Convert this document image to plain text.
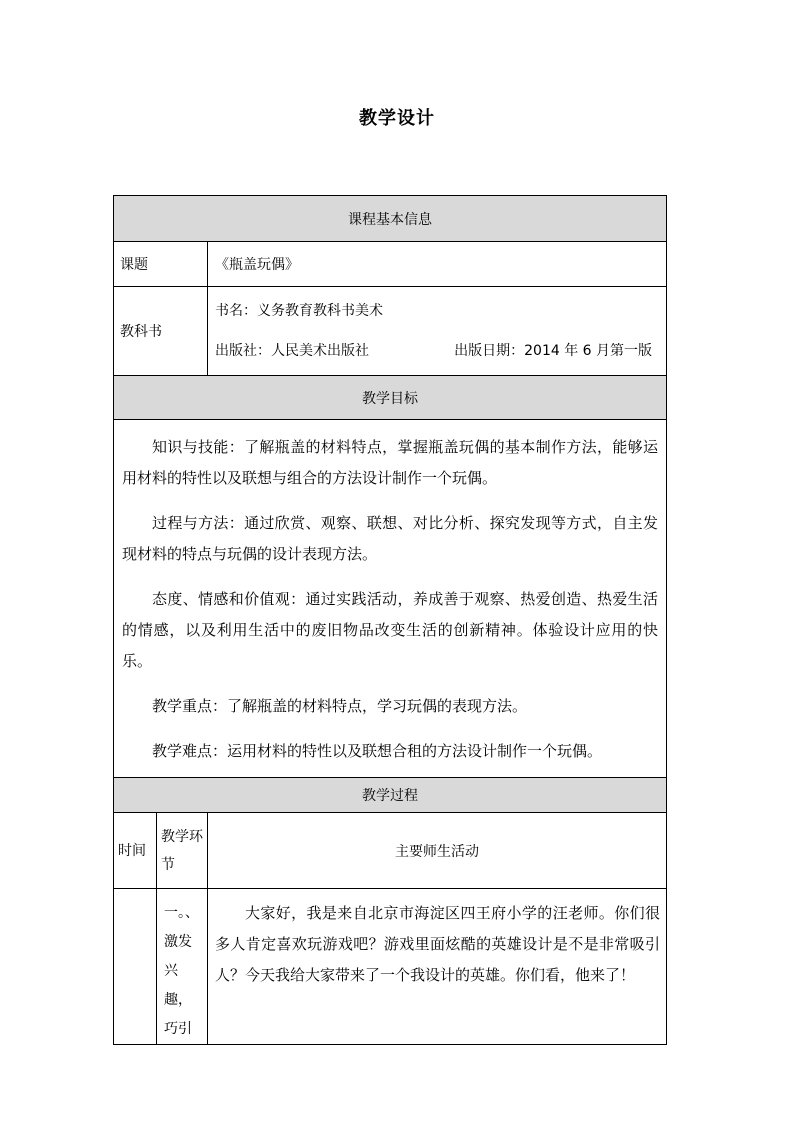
教学设计
课程基本信息		
课题		《瓶盖玩偶》
教科书		书名：义务教育教科书美术
出版社：人民美术出版社 出版日期：2014 年 6 月第一版

教学目标		

知识与技能：了解瓶盖的材料特点，掌握瓶盖玩偶的基本制作方法，能够运用材料的特性以及联想与组合的方法设计制作一个玩偶。

过程与方法：通过欣赏、观察、联想、对比分析、探究发现等方式，自主发现材料的特点与玩偶的设计表现方法。

态度、情感和价值观：通过实践活动，养成善于观察、热爱创造、热爱生活的情感，以及利用生活中的废旧物品改变生活的创新精神。体验设计应用的快乐。

教学重点：了解瓶盖的材料特点，学习玩偶的表现方法。

教学难点：运用材料的特性以及联想合租的方法设计制作一个玩偶。		

教学过程		
时间	教学环节	主要师生活动
	一。、激发兴趣，巧引	大家好，我是来自北京市海淀区四王府小学的汪老师。你们很多人肯定喜欢玩游戏吧？游戏里面炫酷的英雄设计是不是非常吸引人？今天我给大家带来了一个我设计的英雄。你们看，他来了！
